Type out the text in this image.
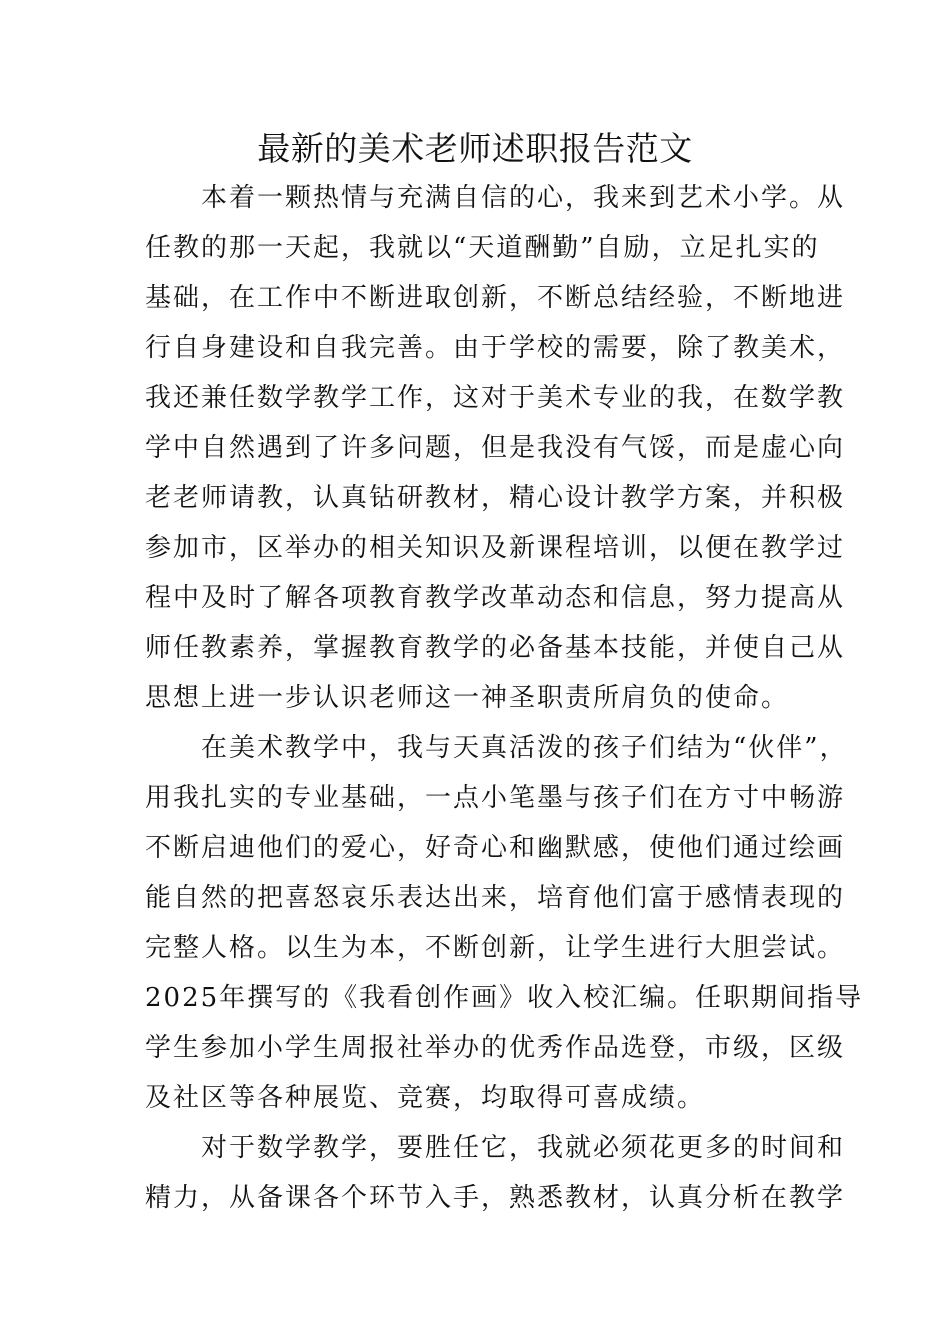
最新的美术老师述职报告范文
　　本着一颗热情与充满自信的心，我来到艺术小学。从
任教的那一天起，我就以“天道酬勤”自励，立足扎实的
基础，在工作中不断进取创新，不断总结经验，不断地进
行自身建设和自我完善。由于学校的需要，除了教美术，
我还兼任数学教学工作，这对于美术专业的我，在数学教
学中自然遇到了许多问题，但是我没有气馁，而是虚心向
老老师请教，认真钻研教材，精心设计教学方案，并积极
参加市，区举办的相关知识及新课程培训，以便在教学过
程中及时了解各项教育教学改革动态和信息，努力提高从
师任教素养，掌握教育教学的必备基本技能，并使自己从
思想上进一步认识老师这一神圣职责所肩负的使命。
　　在美术教学中，我与天真活泼的孩子们结为“伙伴”，
用我扎实的专业基础，一点小笔墨与孩子们在方寸中畅游
不断启迪他们的爱心，好奇心和幽默感，使他们通过绘画
能自然的把喜怒哀乐表达出来，培育他们富于感情表现的
完整人格。以生为本，不断创新，让学生进行大胆尝试。
2025年撰写的《我看创作画》收入校汇编。任职期间指导
学生参加小学生周报社举办的优秀作品选登，市级，区级
及社区等各种展览、竞赛，均取得可喜成绩。
　　对于数学教学，要胜任它，我就必须花更多的时间和
精力，从备课各个环节入手，熟悉教材，认真分析在教学
